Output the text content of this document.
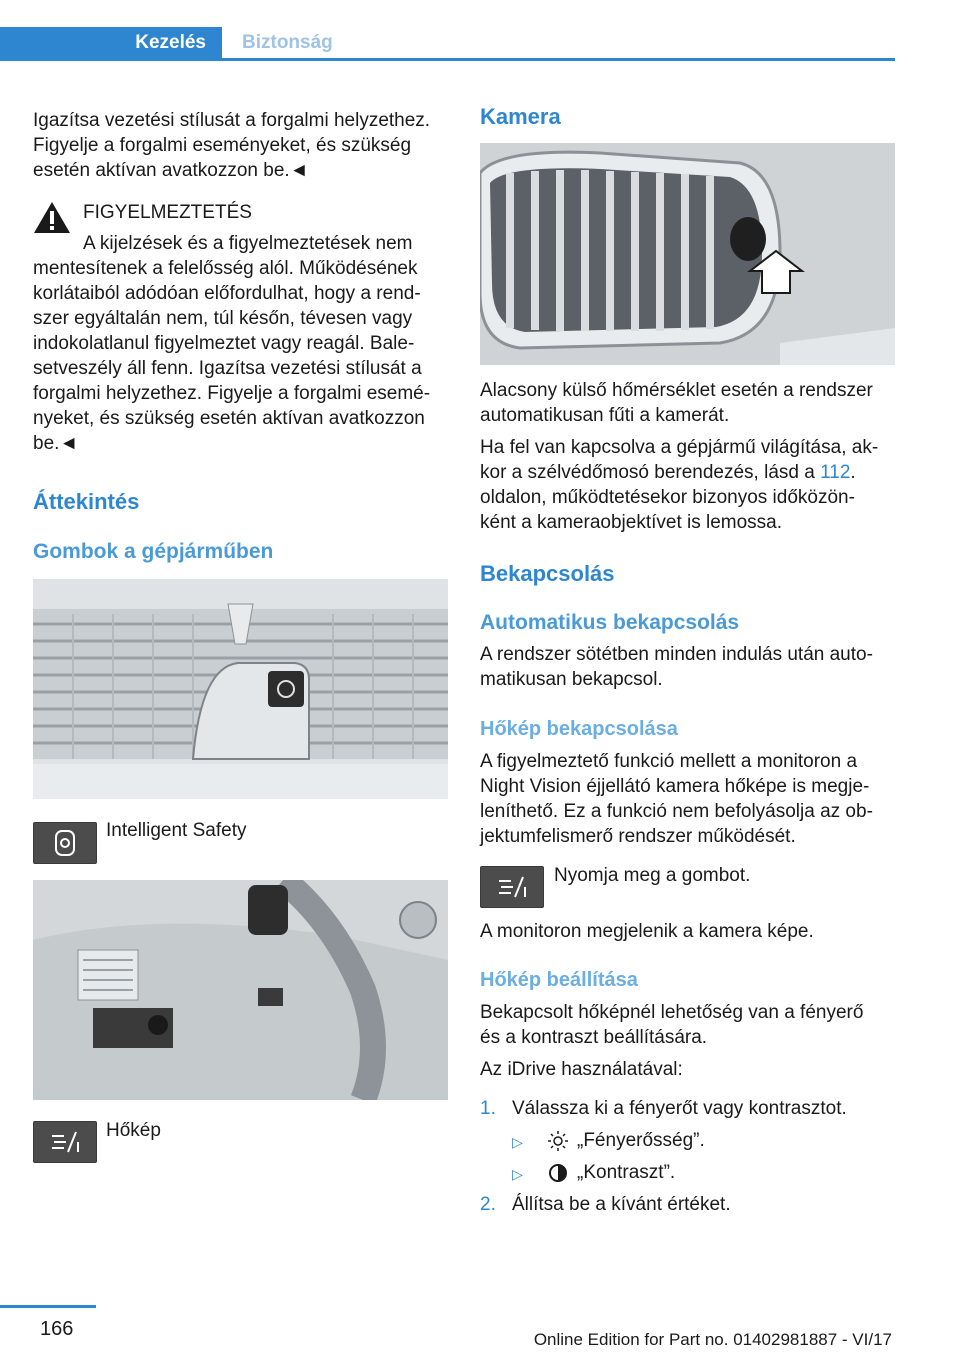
Kezelés	Biztonság

Igazítsa vezetési stílusát a forgalmi helyzethez.

Figyelje a forgalmi eseményeket, és szükség

esetén aktívan avatkozzon be.◄

FIGYELMEZTETÉS

A kijelzések és a figyelmeztetések nem

mentesítenek a felelősség alól. Működésének

korlátaiból adódóan előfordulhat, hogy a rend‐

szer egyáltalán nem, túl későn, tévesen vagy

indokolatlanul figyelmeztet vagy reagál. Bale‐

setveszély áll fenn. Igazítsa vezetési stílusát a

forgalmi helyzethez. Figyelje a forgalmi esemé‐

nyeket, és szükség esetén aktívan avatkozzon

be.◄

Áttekintés

Gombok a gépjárműben

Intelligent Safety

Hőkép

Kamera

Alacsony külső hőmérséklet esetén a rendszer

automatikusan fűti a kamerát.

Ha fel van kapcsolva a gépjármű világítása, ak‐

kor a szélvédőmosó berendezés, lásd a 112.

oldalon, működtetésekor bizonyos időközön‐

ként a kameraobjektívet is lemossa.

Bekapcsolás

Automatikus bekapcsolás

A rendszer sötétben minden indulás után auto‐

matikusan bekapcsol.

Hőkép bekapcsolása

A figyelmeztető funkció mellett a monitoron a

Night Vision éjjellátó kamera hőképe is megje‐

leníthető. Ez a funkció nem befolyásolja az ob‐

jektumfelismerő rendszer működését.

Nyomja meg a gombot.

A monitoron megjelenik a kamera képe.

Hőkép beállítása

Bekapcsolt hőképnél lehetőség van a fényerő

és a kontraszt beállítására.

Az iDrive használatával:

1. Válassza ki a fényerőt vagy kontrasztot.
▷	„Fényerősség”.
▷	„Kontraszt”.
2. Állítsa be a kívánt értéket.
166	Online Edition for Part no. 01402981887 - VI/17
